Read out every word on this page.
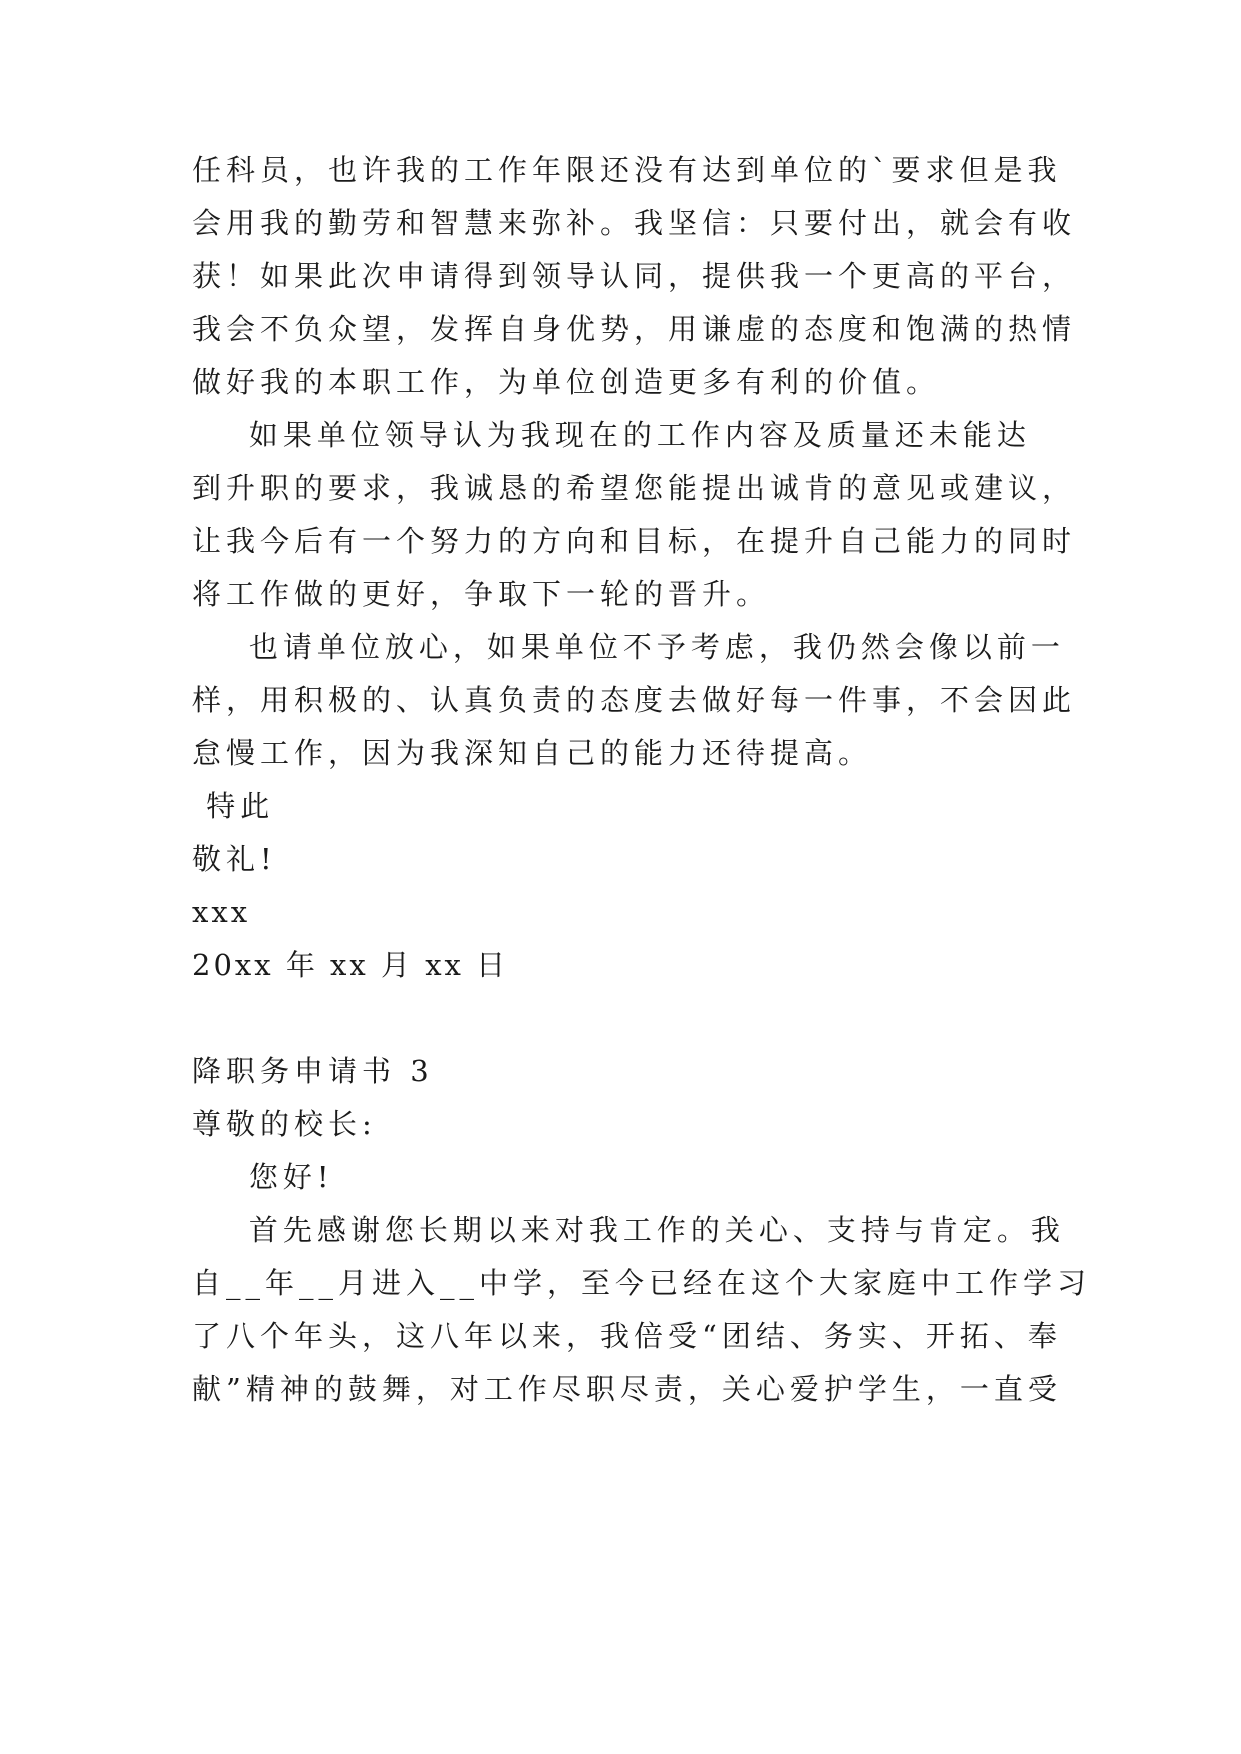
任科员，也许我的工作年限还没有达到单位的`要求但是我
会用我的勤劳和智慧来弥补。我坚信：只要付出，就会有收
获！如果此次申请得到领导认同，提供我一个更高的平台，
我会不负众望，发挥自身优势，用谦虚的态度和饱满的热情
做好我的本职工作，为单位创造更多有利的价值。
如果单位领导认为我现在的工作内容及质量还未能达
到升职的要求，我诚恳的希望您能提出诚肯的意见或建议，
让我今后有一个努力的方向和目标，在提升自己能力的同时
将工作做的更好，争取下一轮的晋升。
也请单位放心，如果单位不予考虑，我仍然会像以前一
样，用积极的、认真负责的态度去做好每一件事，不会因此
怠慢工作，因为我深知自己的能力还待提高。
特此
敬礼!
xxx
20xx 年 xx 月 xx 日
降职务申请书 3
尊敬的校长:
您好!
首先感谢您长期以来对我工作的关心、支持与肯定。我
自__年__月进入__中学，至今已经在这个大家庭中工作学习
了八个年头，这八年以来，我倍受“团结、务实、开拓、奉
献”精神的鼓舞，对工作尽职尽责，关心爱护学生，一直受
